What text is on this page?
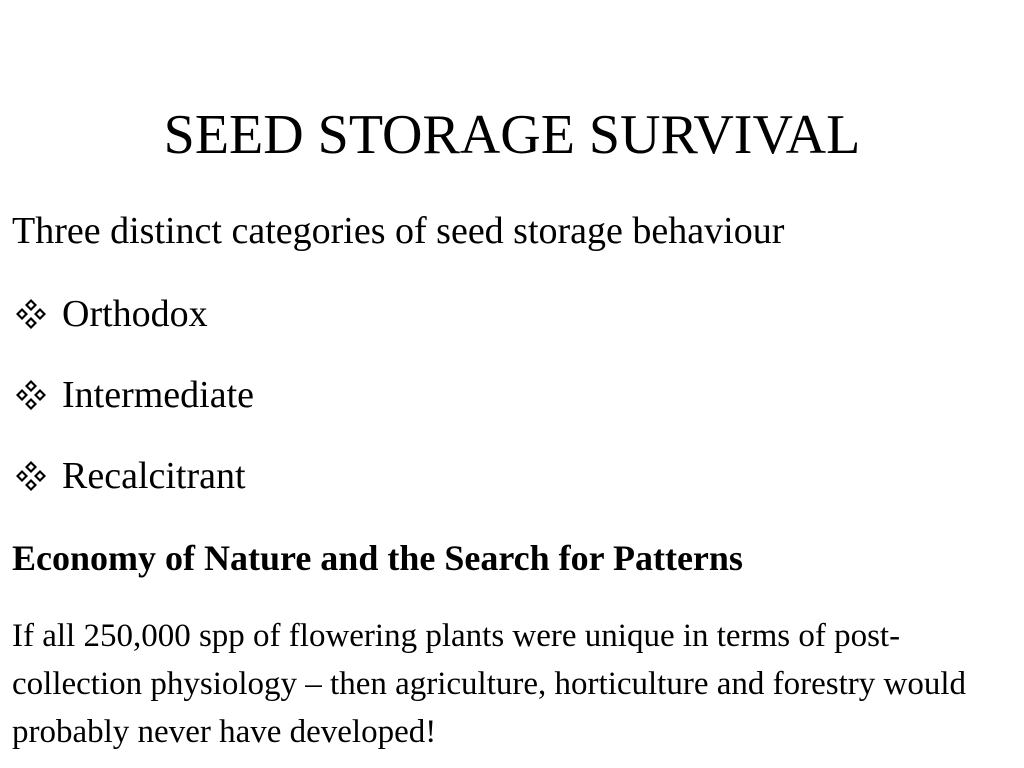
SEED STORAGE SURVIVAL
Three distinct categories of seed storage behaviour
Orthodox
Intermediate
Recalcitrant
Economy of Nature and the Search for Patterns
If all 250,000 spp of flowering plants were unique in terms of post-collection physiology – then agriculture, horticulture and forestry would probably never have developed!
